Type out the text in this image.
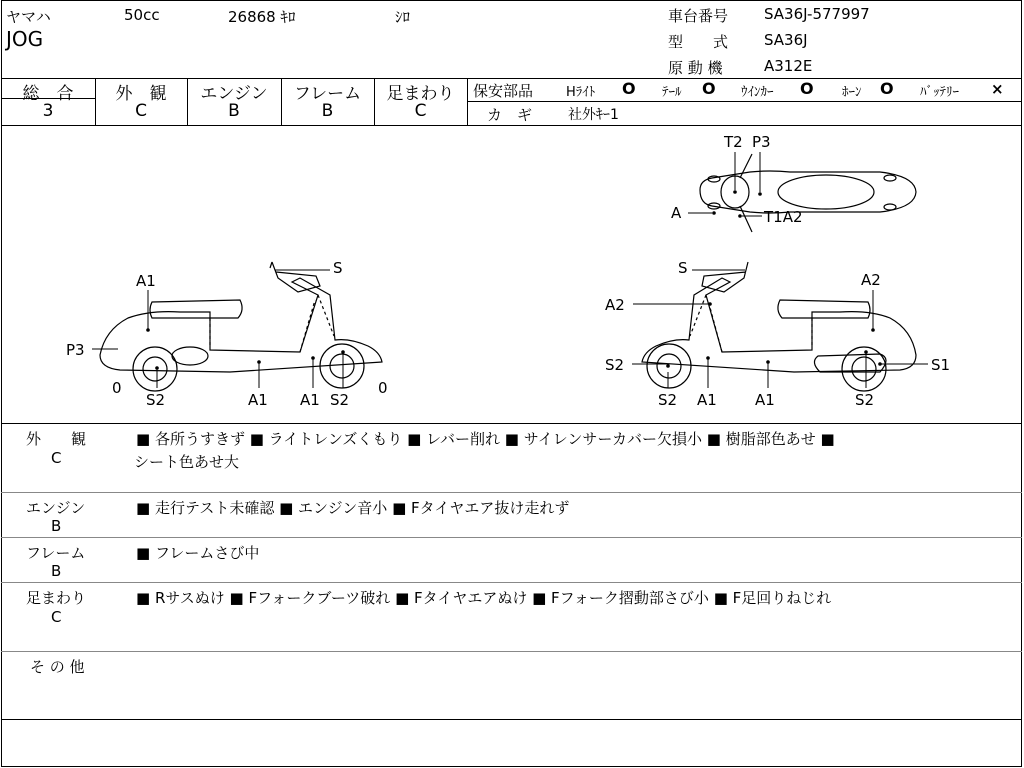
ヤマハ	50cc	26868 ｷﾛ	ｼﾛ
JOG
車台番号 SA36J-577997
型　　式 SA36J
原 動 機	A312E
総　合
3
外　観
C
エンジン
B
フレーム
B
足まわり
C
保安部品	Hﾗｲﾄ O ﾃｰﾙ O ｳｲﾝｶｰ O ﾎｰﾝ O ﾊﾞｯﾃﾘｰ ×
カ　ギ	社外ｷｰ1
T2 P3
A	T1A2
A1
S
P3
0
S2	A1 A1 S2
0
S
A2
A2
S2	S1
S2 A1	A1	S2
外　　観
C
■ 各所うすきず ■ ライトレンズくもり ■ レバー削れ ■ サイレンサーカバー欠損小 ■ 樹脂部色あせ ■
シート色あせ大
エンジン
B
■ 走行テスト未確認 ■ エンジン音小 ■ Fタイヤエア抜け走れず
フレーム
B
■ フレームさび中
足まわり
C
■ Rサスぬけ ■ Fフォークブーツ破れ ■ Fタイヤエアぬけ ■ Fフォーク摺動部さび小 ■ F足回りねじれ
そ の 他
